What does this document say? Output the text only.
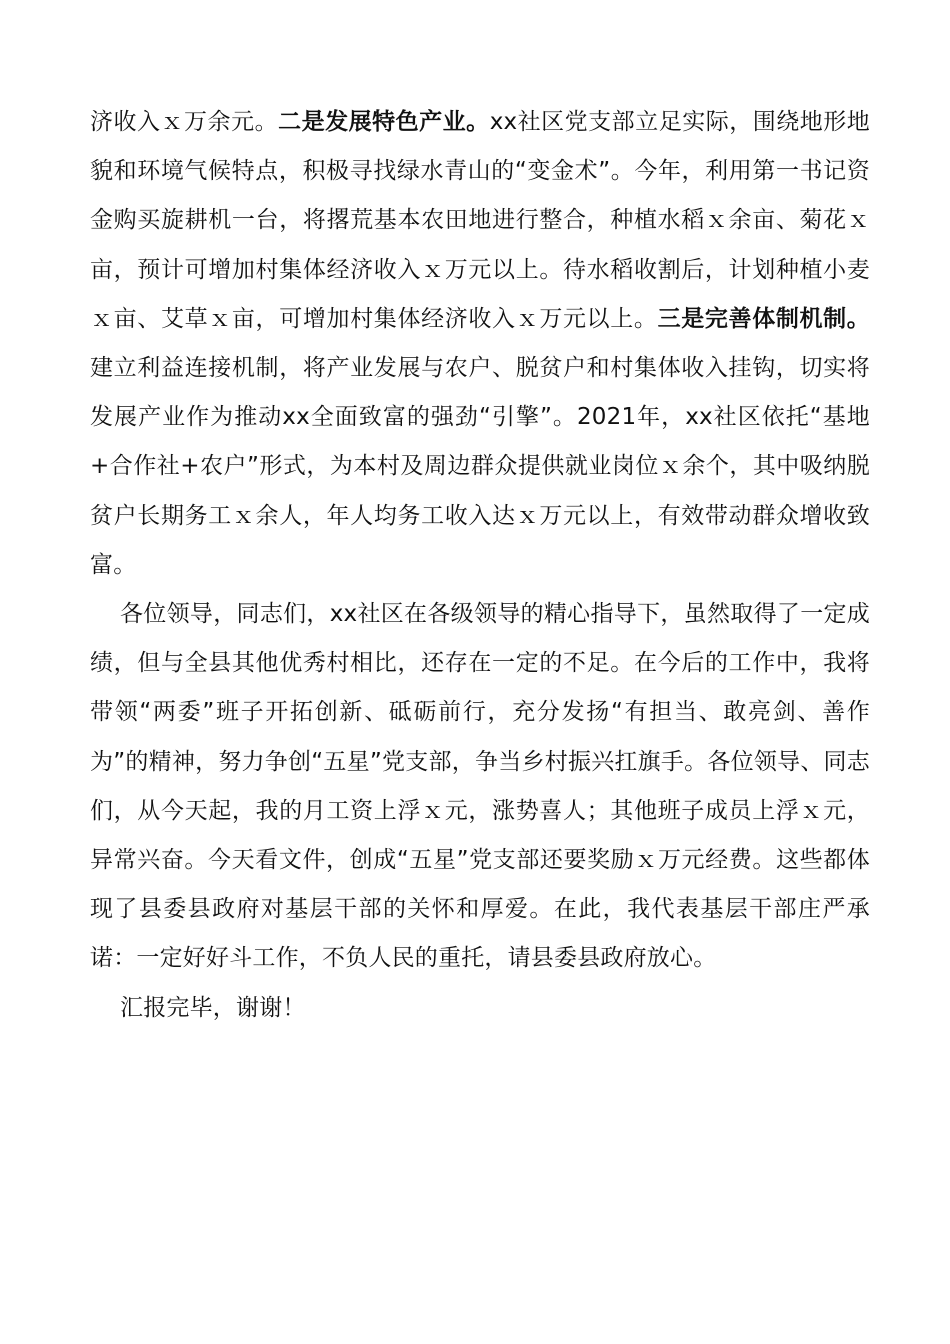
济收入ｘ万余元。二是发展特色产业。xx社区党支部立足实际，围绕地形地貌和环境气候特点，积极寻找绿水青山的“变金术”。今年，利用第一书记资金购买旋耕机一台，将撂荒基本农田地进行整合，种植水稻ｘ余亩、菊花ｘ亩，预计可增加村集体经济收入ｘ万元以上。待水稻收割后，计划种植小麦ｘ亩、艾草ｘ亩，可增加村集体经济收入ｘ万元以上。三是完善体制机制。建立利益连接机制，将产业发展与农户、脱贫户和村集体收入挂钩，切实将发展产业作为推动xx全面致富的强劲“引擎”。2021年，xx社区依托“基地+合作社+农户”形式，为本村及周边群众提供就业岗位ｘ余个，其中吸纳脱贫户长期务工ｘ余人，年人均务工收入达ｘ万元以上，有效带动群众增收致富。

各位领导，同志们，xx社区在各级领导的精心指导下，虽然取得了一定成绩，但与全县其他优秀村相比，还存在一定的不足。在今后的工作中，我将带领“两委”班子开拓创新、砥砺前行，充分发扬“有担当、敢亮剑、善作为”的精神，努力争创“五星”党支部，争当乡村振兴扛旗手。各位领导、同志们，从今天起，我的月工资上浮ｘ元，涨势喜人；其他班子成员上浮ｘ元，异常兴奋。今天看文件，创成“五星”党支部还要奖励ｘ万元经费。这些都体现了县委县政府对基层干部的关怀和厚爱。在此，我代表基层干部庄严承诺：一定好好斗工作，不负人民的重托，请县委县政府放心。

汇报完毕，谢谢！
